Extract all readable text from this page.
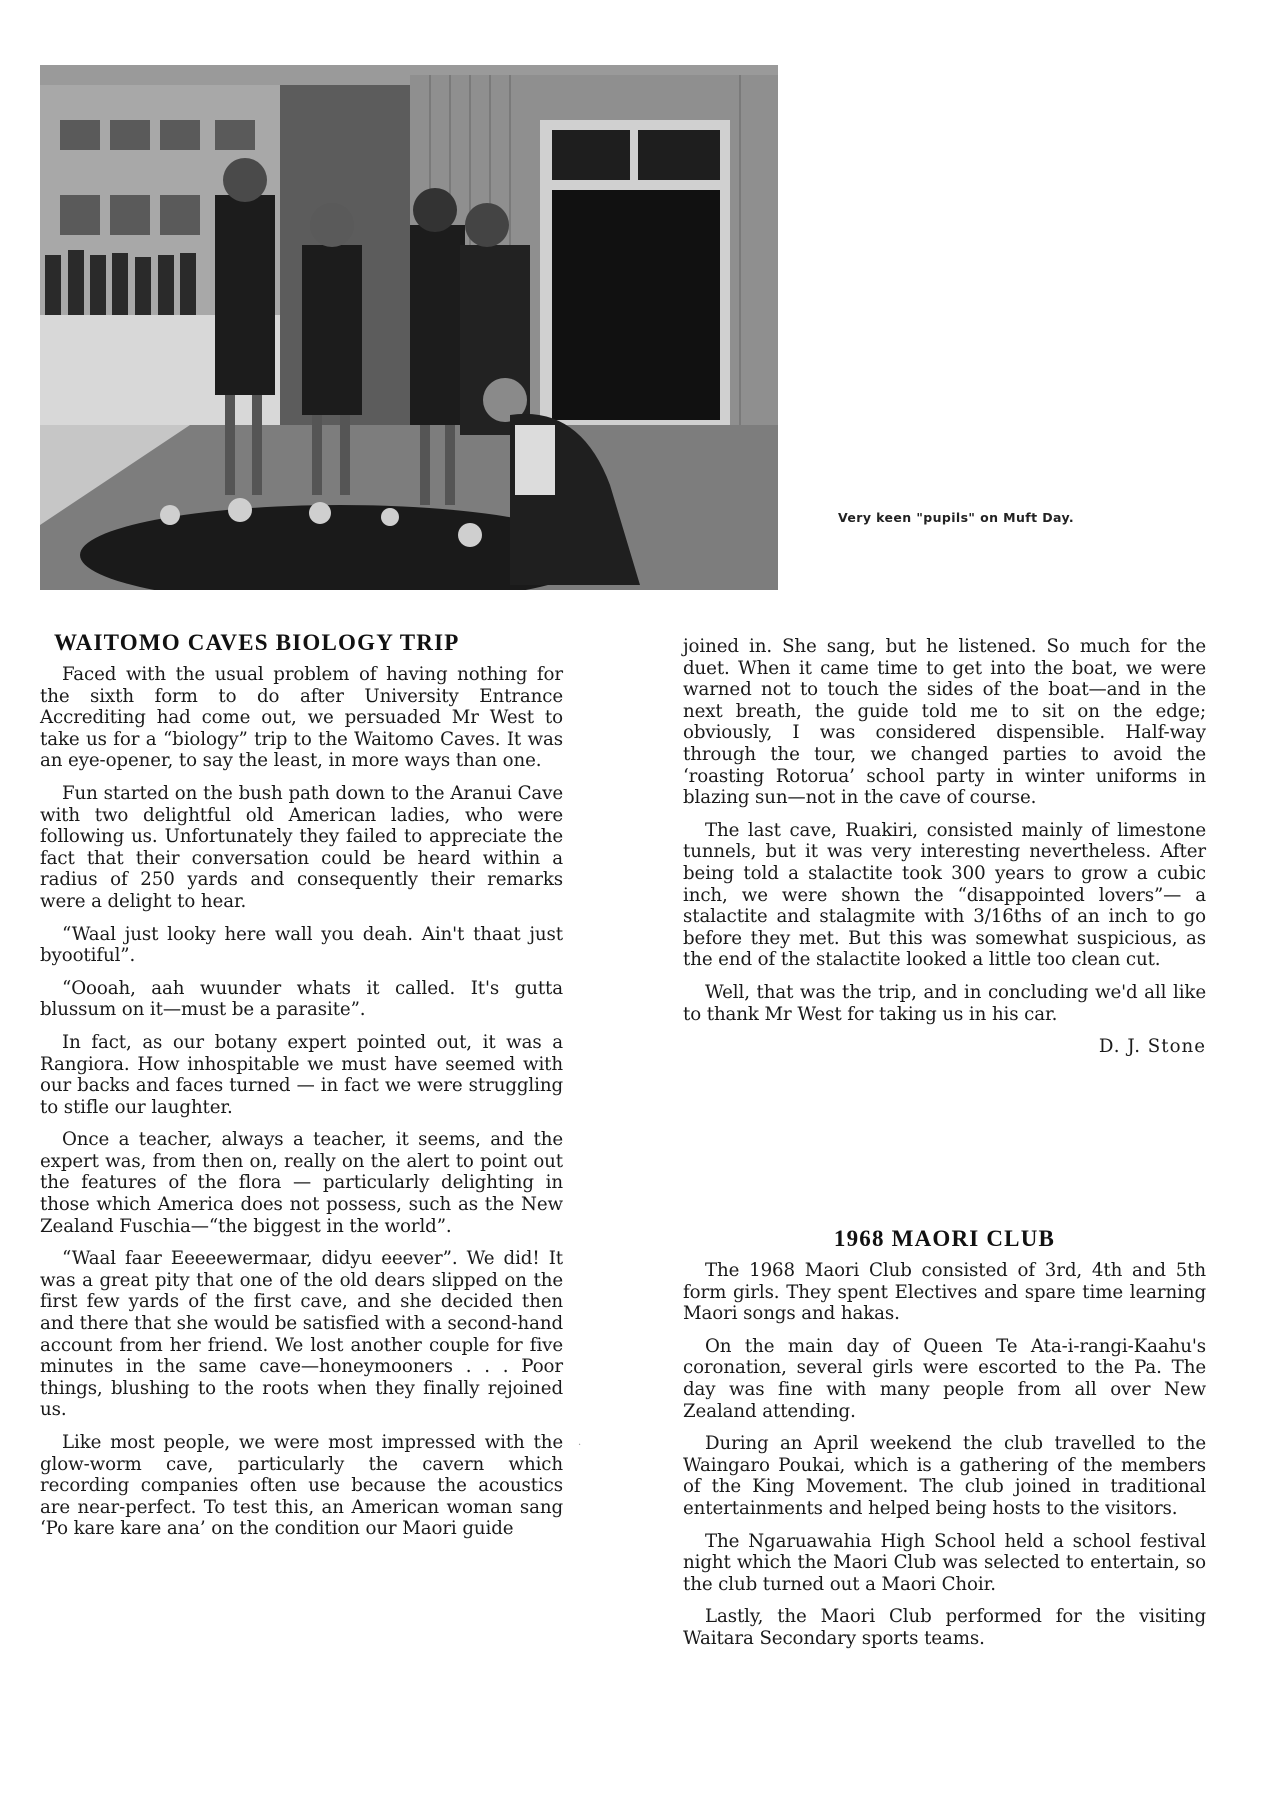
Very keen "pupils" on Muft Day.
WAITOMO CAVES BIOLOGY TRIP

Faced with the usual problem of having nothing for the sixth form to do after University Entrance Accrediting had come out, we persuaded Mr West to take us for a “biology” trip to the Waitomo Caves. It was an eye-opener, to say the least, in more ways than one.

Fun started on the bush path down to the Aranui Cave with two delightful old American ladies, who were following us. Unfortunately they failed to appreciate the fact that their conversation could be heard within a radius of 250 yards and consequently their remarks were a delight to hear.

“Waal just looky here wall you deah. Ain't thaat just byootiful”.

“Oooah, aah wuunder whats it called. It's gutta blussum on it—must be a parasite”.

In fact, as our botany expert pointed out, it was a Rangiora. How inhospitable we must have seemed with our backs and faces turned — in fact we were struggling to stifle our laughter.

Once a teacher, always a teacher, it seems, and the expert was, from then on, really on the alert to point out the features of the flora — particularly delighting in those which America does not possess, such as the New Zealand Fuschia—“the biggest in the world”.

“Waal faar Eeeeewermaar, didyu eeever”. We did! It was a great pity that one of the old dears slipped on the first few yards of the first cave, and she decided then and there that she would be satisfied with a second-hand account from her friend. We lost another couple for five minutes in the same cave—honeymooners . . . Poor things, blushing to the roots when they finally rejoined us.

Like most people, we were most impressed with the glow-worm cave, particularly the cavern which recording companies often use because the acoustics are near-perfect. To test this, an American woman sang ‘Po kare kare ana’ on the condition our Maori guide

joined in. She sang, but he listened. So much for the duet. When it came time to get into the boat, we were warned not to touch the sides of the boat—and in the next breath, the guide told me to sit on the edge; obviously, I was considered dispensible. Half-way through the tour, we changed parties to avoid the ‘roasting Rotorua’ school party in winter uniforms in blazing sun—not in the cave of course.

The last cave, Ruakiri, consisted mainly of limestone tunnels, but it was very interesting nevertheless. After being told a stalactite took 300 years to grow a cubic inch, we were shown the “disappointed lovers”— a stalactite and stalagmite with 3/16ths of an inch to go before they met. But this was somewhat suspicious, as the end of the stalactite looked a little too clean cut.

Well, that was the trip, and in concluding we'd all like to thank Mr West for taking us in his car.

D. J. Stone
1968 MAORI CLUB

The 1968 Maori Club consisted of 3rd, 4th and 5th form girls. They spent Electives and spare time learning Maori songs and hakas.

On the main day of Queen Te Ata-i-rangi-Kaahu's coronation, several girls were escorted to the Pa. The day was fine with many people from all over New Zealand attending.

During an April weekend the club travelled to the Waingaro Poukai, which is a gathering of the members of the King Movement. The club joined in traditional entertainments and helped being hosts to the visitors.

The Ngaruawahia High School held a school festival night which the Maori Club was selected to entertain, so the club turned out a Maori Choir.

Lastly, the Maori Club performed for the visiting Waitara Secondary sports teams.

·
